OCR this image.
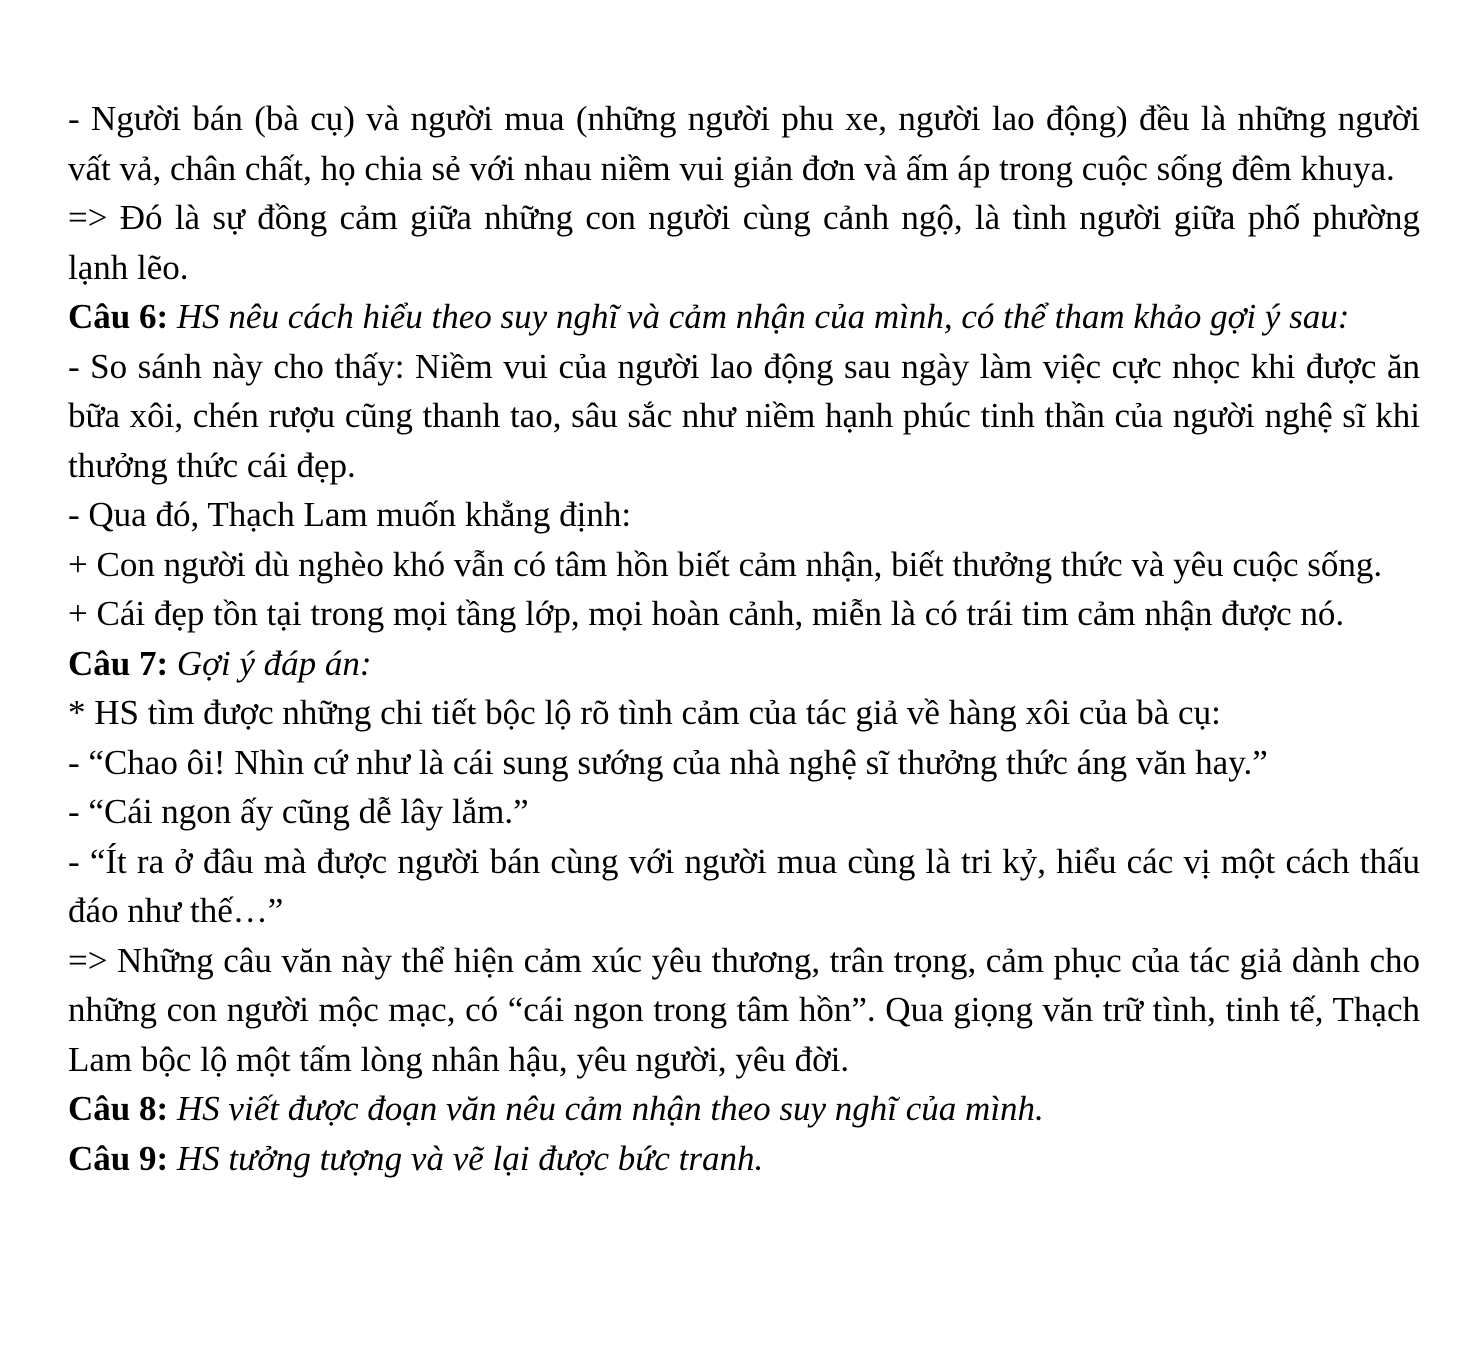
- Người bán (bà cụ) và người mua (những người phu xe, người lao động) đều là những người vất vả, chân chất, họ chia sẻ với nhau niềm vui giản đơn và ấm áp trong cuộc sống đêm khuya.

=> Đó là sự đồng cảm giữa những con người cùng cảnh ngộ, là tình người giữa phố phường lạnh lẽo.

Câu 6: HS nêu cách hiểu theo suy nghĩ và cảm nhận của mình, có thể tham khảo gợi ý sau:

- So sánh này cho thấy: Niềm vui của người lao động sau ngày làm việc cực nhọc khi được ăn bữa xôi, chén rượu cũng thanh tao, sâu sắc như niềm hạnh phúc tinh thần của người nghệ sĩ khi thưởng thức cái đẹp.

- Qua đó, Thạch Lam muốn khẳng định:

+ Con người dù nghèo khó vẫn có tâm hồn biết cảm nhận, biết thưởng thức và yêu cuộc sống.

+ Cái đẹp tồn tại trong mọi tầng lớp, mọi hoàn cảnh, miễn là có trái tim cảm nhận được nó.

Câu 7: Gợi ý đáp án:

* HS tìm được những chi tiết bộc lộ rõ tình cảm của tác giả về hàng xôi của bà cụ:

- “Chao ôi! Nhìn cứ như là cái sung sướng của nhà nghệ sĩ thưởng thức áng văn hay.”

- “Cái ngon ấy cũng dễ lây lắm.”

- “Ít ra ở đâu mà được người bán cùng với người mua cùng là tri kỷ, hiểu các vị một cách thấu đáo như thế…”

=> Những câu văn này thể hiện cảm xúc yêu thương, trân trọng, cảm phục của tác giả dành cho những con người mộc mạc, có “cái ngon trong tâm hồn”. Qua giọng văn trữ tình, tinh tế, Thạch Lam bộc lộ một tấm lòng nhân hậu, yêu người, yêu đời.

Câu 8: HS viết được đoạn văn nêu cảm nhận theo suy nghĩ của mình.

Câu 9: HS tưởng tượng và vẽ lại được bức tranh.
